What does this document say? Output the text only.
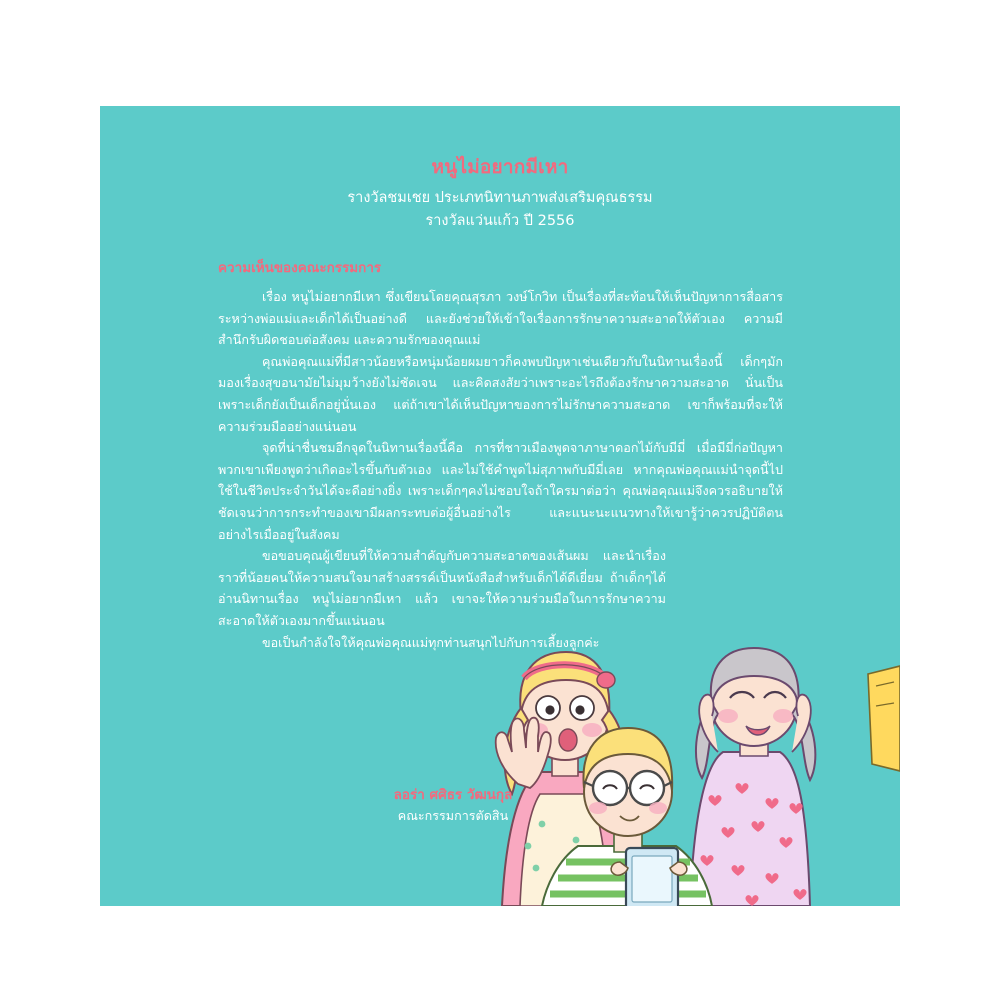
หนูไม่อยากมีเหา
รางวัลชมเชย ประเภทนิทานภาพส่งเสริมคุณธรรม
รางวัลแว่นแก้ว ปี 2556
ความเห็นของคณะกรรมการ

เรื่อง หนูไม่อยากมีเหา ซึ่งเขียนโดยคุณสุรภา วงษ์โกวิท เป็นเรื่องที่สะท้อนให้เห็นปัญหาการสื่อสารระหว่างพ่อแม่และเด็กได้เป็นอย่างดี และยังช่วยให้เข้าใจเรื่องการรักษาความสะอาดให้ตัวเอง ความมีสำนึกรับผิดชอบต่อสังคม และความรักของคุณแม่

คุณพ่อคุณแม่ที่มีสาวน้อยหรือหนุ่มน้อยผมยาวก็คงพบปัญหาเช่นเดียวกับในนิทานเรื่องนี้ เด็กๆมักมองเรื่องสุขอนามัยไม่มุมว้างยังไม่ชัดเจน และคิดสงสัยว่าเพราะอะไรถึงต้องรักษาความสะอาด นั่นเป็นเพราะเด็กยังเป็นเด็กอยู่นั่นเอง แต่ถ้าเขาได้เห็นปัญหาของการไม่รักษาความสะอาด เขาก็พร้อมที่จะให้ความร่วมมืออย่างแน่นอน

จุดที่น่าชื่นชมอีกจุดในนิทานเรื่องนี้คือ การที่ชาวเมืองพูดจาภาษาดอกไม้กับมีมี่ เมื่อมีมี่ก่อปัญหาพวกเขาเพียงพูดว่าเกิดอะไรขึ้นกับตัวเอง และไม่ใช้คำพูดไม่สุภาพกับมีมี่เลย หากคุณพ่อคุณแม่นำจุดนี้ไปใช้ในชีวิตประจำวันได้จะดีอย่างยิ่ง เพราะเด็กๆคงไม่ชอบใจถ้าใครมาต่อว่า คุณพ่อคุณแม่จึงควรอธิบายให้ชัดเจนว่าการกระทำของเขามีผลกระทบต่อผู้อื่นอย่างไร และแนะนะแนวทางให้เขารู้ว่าควรปฏิบัติตนอย่างไรเมื่ออยู่ในสังคม

ขอขอบคุณผู้เขียนที่ให้ความสำคัญกับความสะอาดของเส้นผม และนำเรื่องราวที่น้อยคนให้ความสนใจมาสร้างสรรค์เป็นหนังสือสำหรับเด็กได้ดีเยี่ยม ถ้าเด็กๆได้อ่านนิทานเรื่อง หนูไม่อยากมีเหา แล้ว เขาจะให้ความร่วมมือในการรักษาความสะอาดให้ตัวเองมากขึ้นแน่นอน

ขอเป็นกำลังใจให้คุณพ่อคุณแม่ทุกท่านสนุกไปกับการเลี้ยงลูกค่ะ

ลอร่า ศศิธร วัฒนกุล
คณะกรรมการตัดสิน
